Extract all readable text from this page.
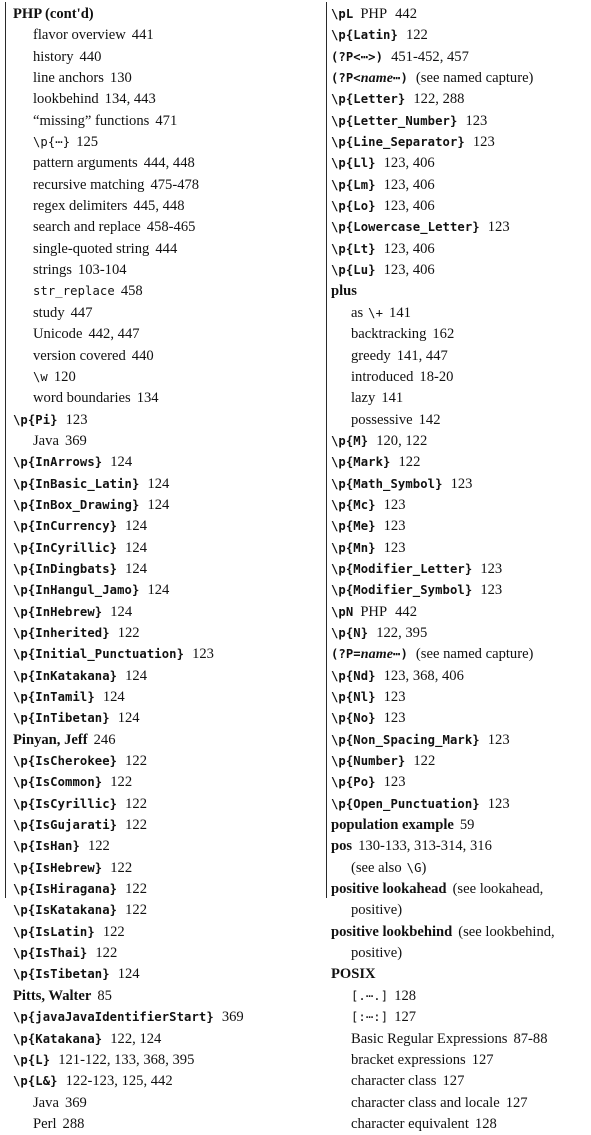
PHP (cont'd)
flavor overview 441
history 440
line anchors 130
lookbehind 134, 443
“missing” functions 471
\p{⋯} 125
pattern arguments 444, 448
recursive matching 475-478
regex delimiters 445, 448
search and replace 458-465
single-quoted string 444
strings 103-104
str_replace 458
study 447
Unicode 442, 447
version covered 440
\w 120
word boundaries 134
\p{Pi} 123
Java 369
\p{InArrows} 124
\p{InBasic_Latin} 124
\p{InBox_Drawing} 124
\p{InCurrency} 124
\p{InCyrillic} 124
\p{InDingbats} 124
\p{InHangul_Jamo} 124
\p{InHebrew} 124
\p{Inherited} 122
\p{Initial_Punctuation} 123
\p{InKatakana} 124
\p{InTamil} 124
\p{InTibetan} 124
Pinyan, Jeff 246
\p{IsCherokee} 122
\p{IsCommon} 122
\p{IsCyrillic} 122
\p{IsGujarati} 122
\p{IsHan} 122
\p{IsHebrew} 122
\p{IsHiragana} 122
\p{IsKatakana} 122
\p{IsLatin} 122
\p{IsThai} 122
\p{IsTibetan} 124
Pitts, Walter 85
\p{javaJavaIdentifierStart} 369
\p{Katakana} 122, 124
\p{L} 121-122, 133, 368, 395
\p{L&} 122-123, 125, 442
Java 369
Perl 288
\pL PHP 442
\p{Latin} 122
(?P<⋯>) 451-452, 457
(?P<name⋯) (see named capture)
\p{Letter} 122, 288
\p{Letter_Number} 123
\p{Line_Separator} 123
\p{Ll} 123, 406
\p{Lm} 123, 406
\p{Lo} 123, 406
\p{Lowercase_Letter} 123
\p{Lt} 123, 406
\p{Lu} 123, 406
plus
as \+ 141
backtracking 162
greedy 141, 447
introduced 18-20
lazy 141
possessive 142
\p{M} 120, 122
\p{Mark} 122
\p{Math_Symbol} 123
\p{Mc} 123
\p{Me} 123
\p{Mn} 123
\p{Modifier_Letter} 123
\p{Modifier_Symbol} 123
\pN PHP 442
\p{N} 122, 395
(?P=name⋯) (see named capture)
\p{Nd} 123, 368, 406
\p{Nl} 123
\p{No} 123
\p{Non_Spacing_Mark} 123
\p{Number} 122
\p{Po} 123
\p{Open_Punctuation} 123
population example 59
pos 130-133, 313-314, 316
(see also \G)
positive lookahead (see lookahead,
positive)
positive lookbehind (see lookbehind,
positive)
POSIX
[.⋯.] 128
[:⋯:] 127
Basic Regular Expressions 87-88
bracket expressions 127
character class 127
character class and locale 127
character equivalent 128
